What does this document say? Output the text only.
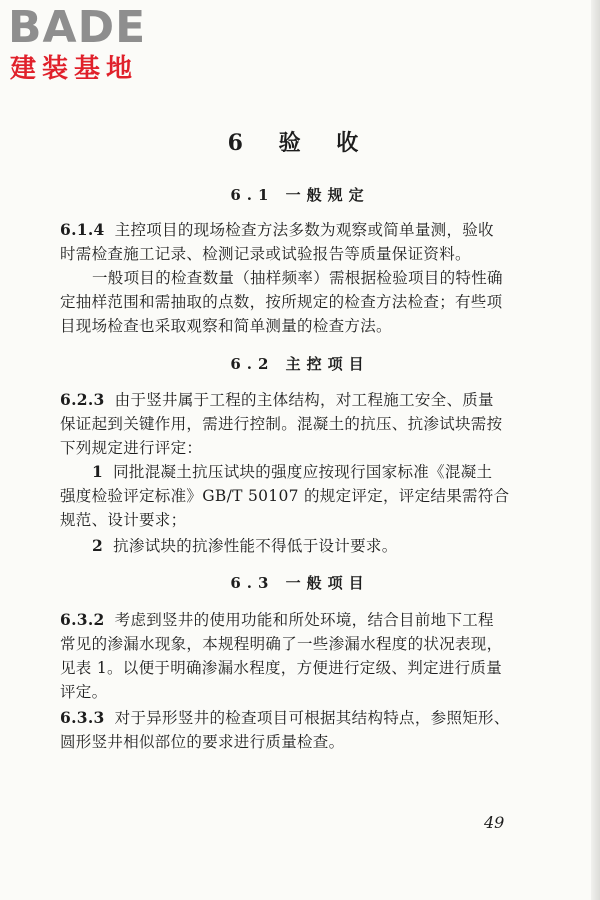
BADE
建装基地
6 验 收
6.1 一般规定
6.1.4 主控项目的现场检查方法多数为观察或简单量测，验收
时需检查施工记录、检测记录或试验报告等质量保证资料。
一般项目的检查数量（抽样频率）需根据检验项目的特性确
定抽样范围和需抽取的点数，按所规定的检查方法检查；有些项
目现场检查也采取观察和简单测量的检查方法。
6.2 主控项目
6.2.3 由于竖井属于工程的主体结构，对工程施工安全、质量
保证起到关键作用，需进行控制。混凝土的抗压、抗渗试块需按
下列规定进行评定：
1 同批混凝土抗压试块的强度应按现行国家标准《混凝土
强度检验评定标准》GB/T 50107 的规定评定，评定结果需符合
规范、设计要求；
2 抗渗试块的抗渗性能不得低于设计要求。
6.3 一般项目
6.3.2 考虑到竖井的使用功能和所处环境，结合目前地下工程
常见的渗漏水现象，本规程明确了一些渗漏水程度的状况表现，
见表 1。以便于明确渗漏水程度，方便进行定级、判定进行质量
评定。
6.3.3 对于异形竖井的检查项目可根据其结构特点，参照矩形、
圆形竖井相似部位的要求进行质量检查。
49
